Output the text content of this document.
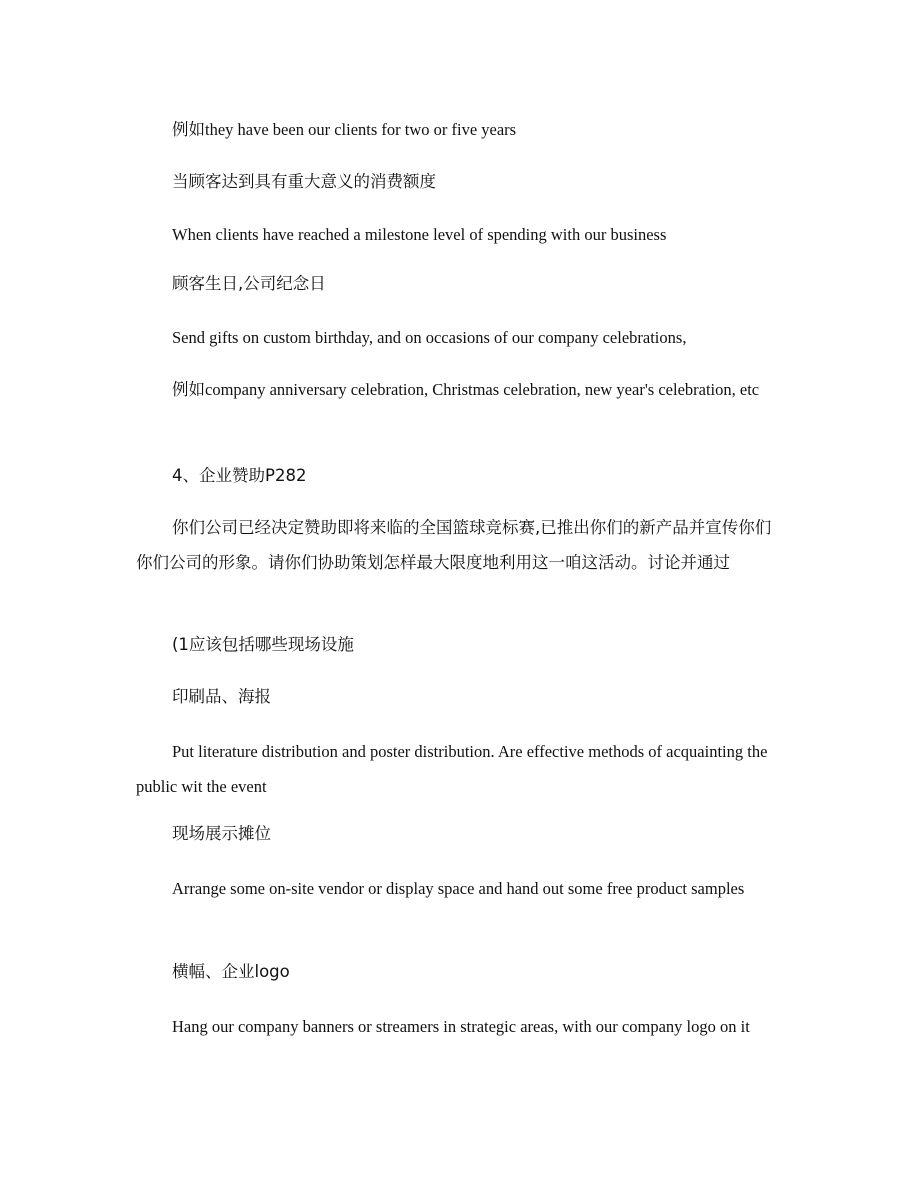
例如they have been our clients for two or five years

当顾客达到具有重大意义的消费额度

When clients have reached a milestone level of spending with our business

顾客生日,公司纪念日

Send gifts on custom birthday, and on occasions of our company celebrations,

例如company anniversary celebration, Christmas celebration, new year's celebration, etc

4、企业赞助P282

你们公司已经决定赞助即将来临的全国篮球竞标赛,已推出你们的新产品并宣传你们你们公司的形象。请你们协助策划怎样最大限度地利用这一咱这活动。讨论并通过

(1应该包括哪些现场设施

印刷品、海报

Put literature distribution and poster distribution. Are effective methods of acquainting the public wit the event

现场展示摊位

Arrange some on-site vendor or display space and hand out some free product samples

横幅、企业logo

Hang our company banners or streamers in strategic areas, with our company logo on it
